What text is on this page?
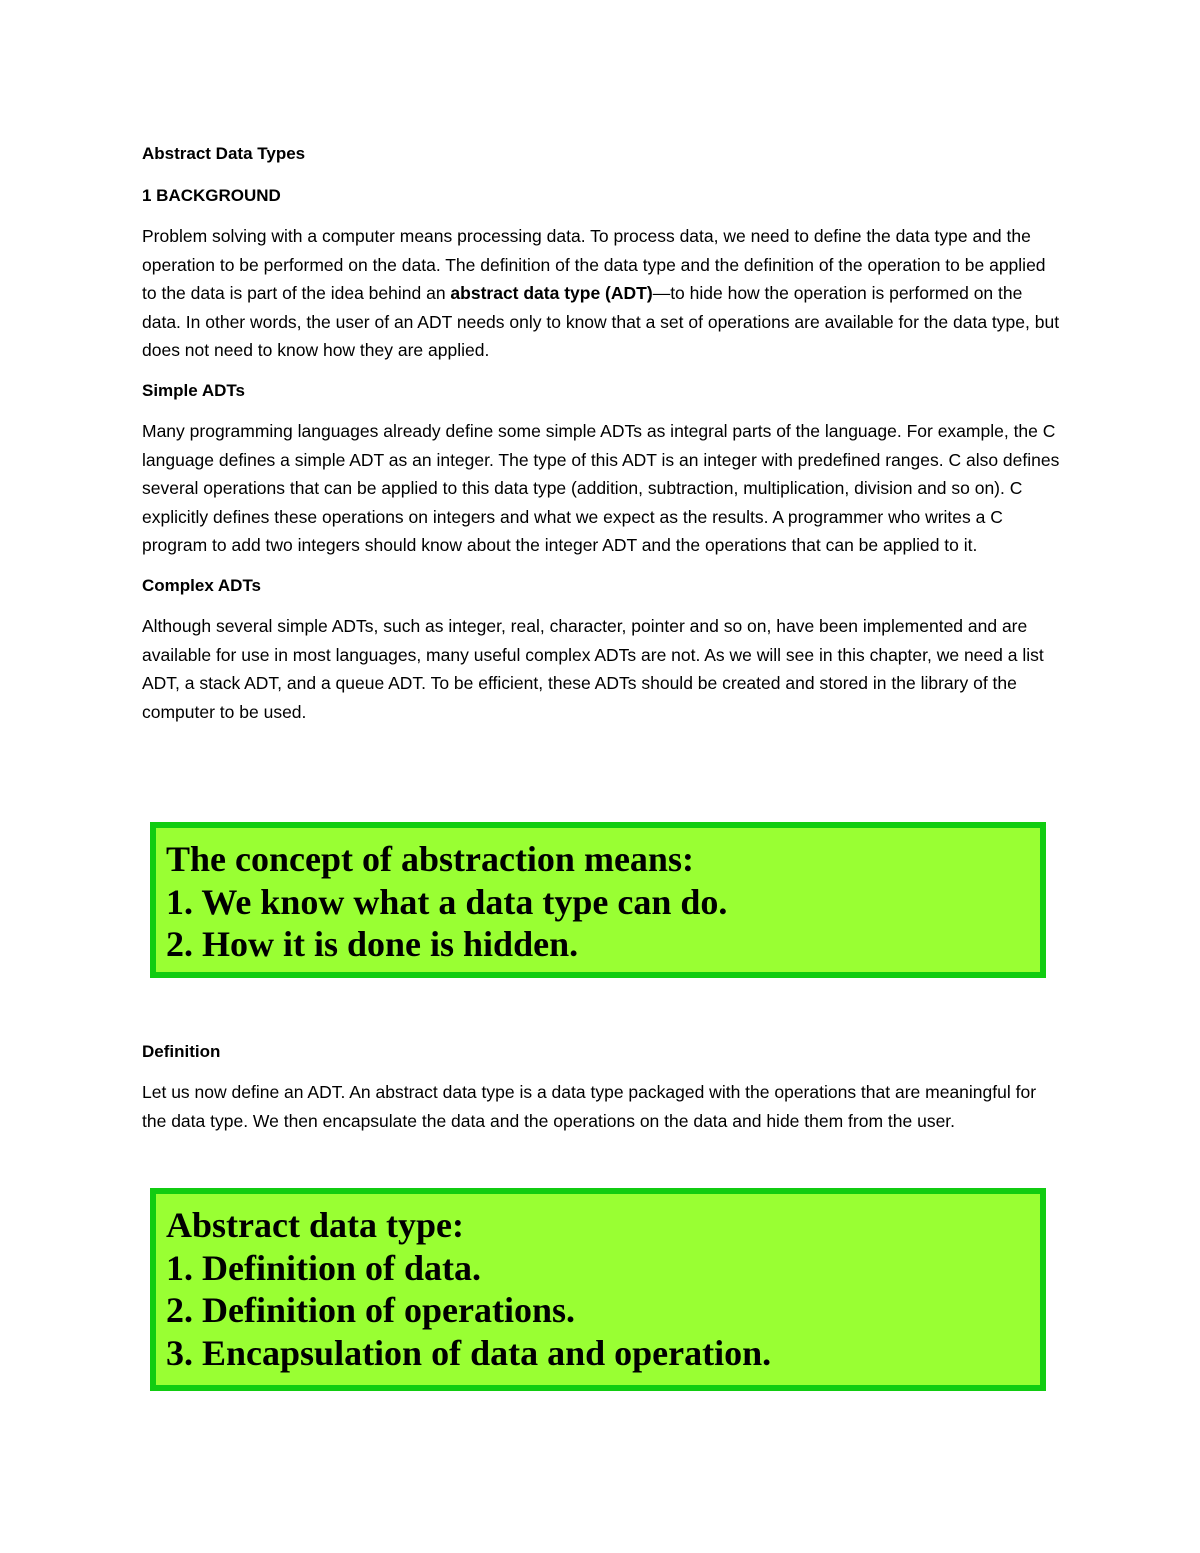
Abstract Data Types

1 BACKGROUND

Problem solving with a computer means processing data. To process data, we need to define the data type and the operation to be performed on the data. The definition of the data type and the definition of the operation to be applied to the data is part of the idea behind an abstract data type (ADT)—to hide how the operation is performed on the data. In other words, the user of an ADT needs only to know that a set of operations are available for the data type, but does not need to know how they are applied.

Simple ADTs

Many programming languages already define some simple ADTs as integral parts of the language. For example, the C language defines a simple ADT as an integer. The type of this ADT is an integer with predefined ranges. C also defines several operations that can be applied to this data type (addition, subtraction, multiplication, division and so on). C explicitly defines these operations on integers and what we expect as the results. A programmer who writes a C program to add two integers should know about the integer ADT and the operations that can be applied to it.

Complex ADTs

Although several simple ADTs, such as integer, real, character, pointer and so on, have been implemented and are available for use in most languages, many useful complex ADTs are not. As we will see in this chapter, we need a list ADT, a stack ADT, and a queue ADT. To be efficient, these ADTs should be created and stored in the library of the computer to be used.

The concept of abstraction means:
1. We know what a data type can do.
2. How it is done is hidden.

Definition

Let us now define an ADT. An abstract data type is a data type packaged with the operations that are meaningful for the data type. We then encapsulate the data and the operations on the data and hide them from the user.

Abstract data type:
1. Definition of data.
2. Definition of operations.
3. Encapsulation of data and operation.
